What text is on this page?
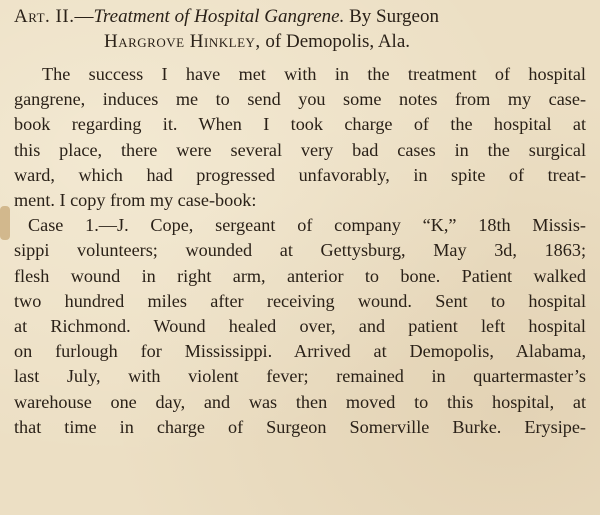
Art. II.—Treatment of Hospital Gangrene. By Surgeon
Hargrove Hinkley, of Demopolis, Ala.

The success I have met with in the treatment of hospital
gangrene, induces me to send you some notes from my case-
book regarding it. When I took charge of the hospital at
this place, there were several very bad cases in the surgical
ward, which had progressed unfavorably, in spite of treat-
ment. I copy from my case-book:

Case 1.—J. Cope, sergeant of company “K,” 18th Missis-
sippi volunteers; wounded at Gettysburg, May 3d, 1863;
flesh wound in right arm, anterior to bone. Patient walked
two hundred miles after receiving wound. Sent to hospital
at Richmond. Wound healed over, and patient left hospital
on furlough for Mississippi. Arrived at Demopolis, Alabama,
last July, with violent fever; remained in quartermaster’s
warehouse one day, and was then moved to this hospital, at
that time in charge of Surgeon Somerville Burke. Erysipe-
